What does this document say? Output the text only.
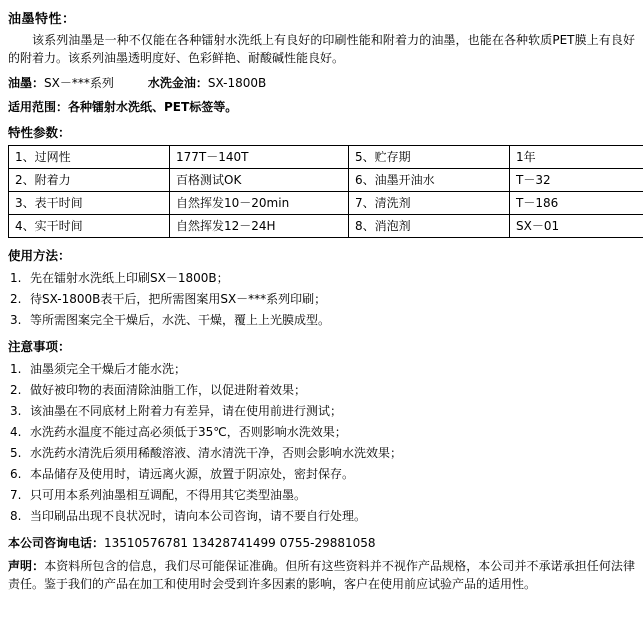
油墨特性：
该系列油墨是一种不仅能在各种镭射水洗纸上有良好的印刷性能和附着力的油墨，也能在各种软质PET膜上有良好的附着力。该系列油墨透明度好、色彩鲜艳、耐酸碱性能良好。
油墨：SX－***系列	水洗金油：SX-1800B
适用范围：各种镭射水洗纸、PET标签等。
特性参数：
1、过网性	177T－140T	5、贮存期	1年
2、附着力	百格测试OK	6、油墨开油水	T－32
3、表干时间	自然挥发10－20min	7、清洗剂	T－186
4、实干时间	自然挥发12－24H	8、消泡剂	SX－01
使用方法：
1. 先在镭射水洗纸上印刷SX－1800B；
2. 待SX-1800B表干后，把所需图案用SX－***系列印刷；
3. 等所需图案完全干燥后，水洗、干燥，覆上上光膜成型。
注意事项：
1. 油墨须完全干燥后才能水洗；
2. 做好被印物的表面清除油脂工作，以促进附着效果；
3. 该油墨在不同底材上附着力有差异，请在使用前进行测试；
4. 水洗药水温度不能过高必须低于35℃，否则影响水洗效果；
5. 水洗药水清洗后须用稀酸溶液、清水清洗干净，否则会影响水洗效果；
6. 本品储存及使用时，请远离火源，放置于阴凉处，密封保存。
7. 只可用本系列油墨相互调配，不得用其它类型油墨。
8. 当印刷品出现不良状况时，请向本公司咨询，请不要自行处理。
本公司咨询电话：13510576781 13428741499 0755-29881058
声明：本资料所包含的信息，我们尽可能保证准确。但所有这些资料并不视作产品规格，本公司并不承诺承担任何法律责任。鉴于我们的产品在加工和使用时会受到许多因素的影响，客户在使用前应试验产品的适用性。
